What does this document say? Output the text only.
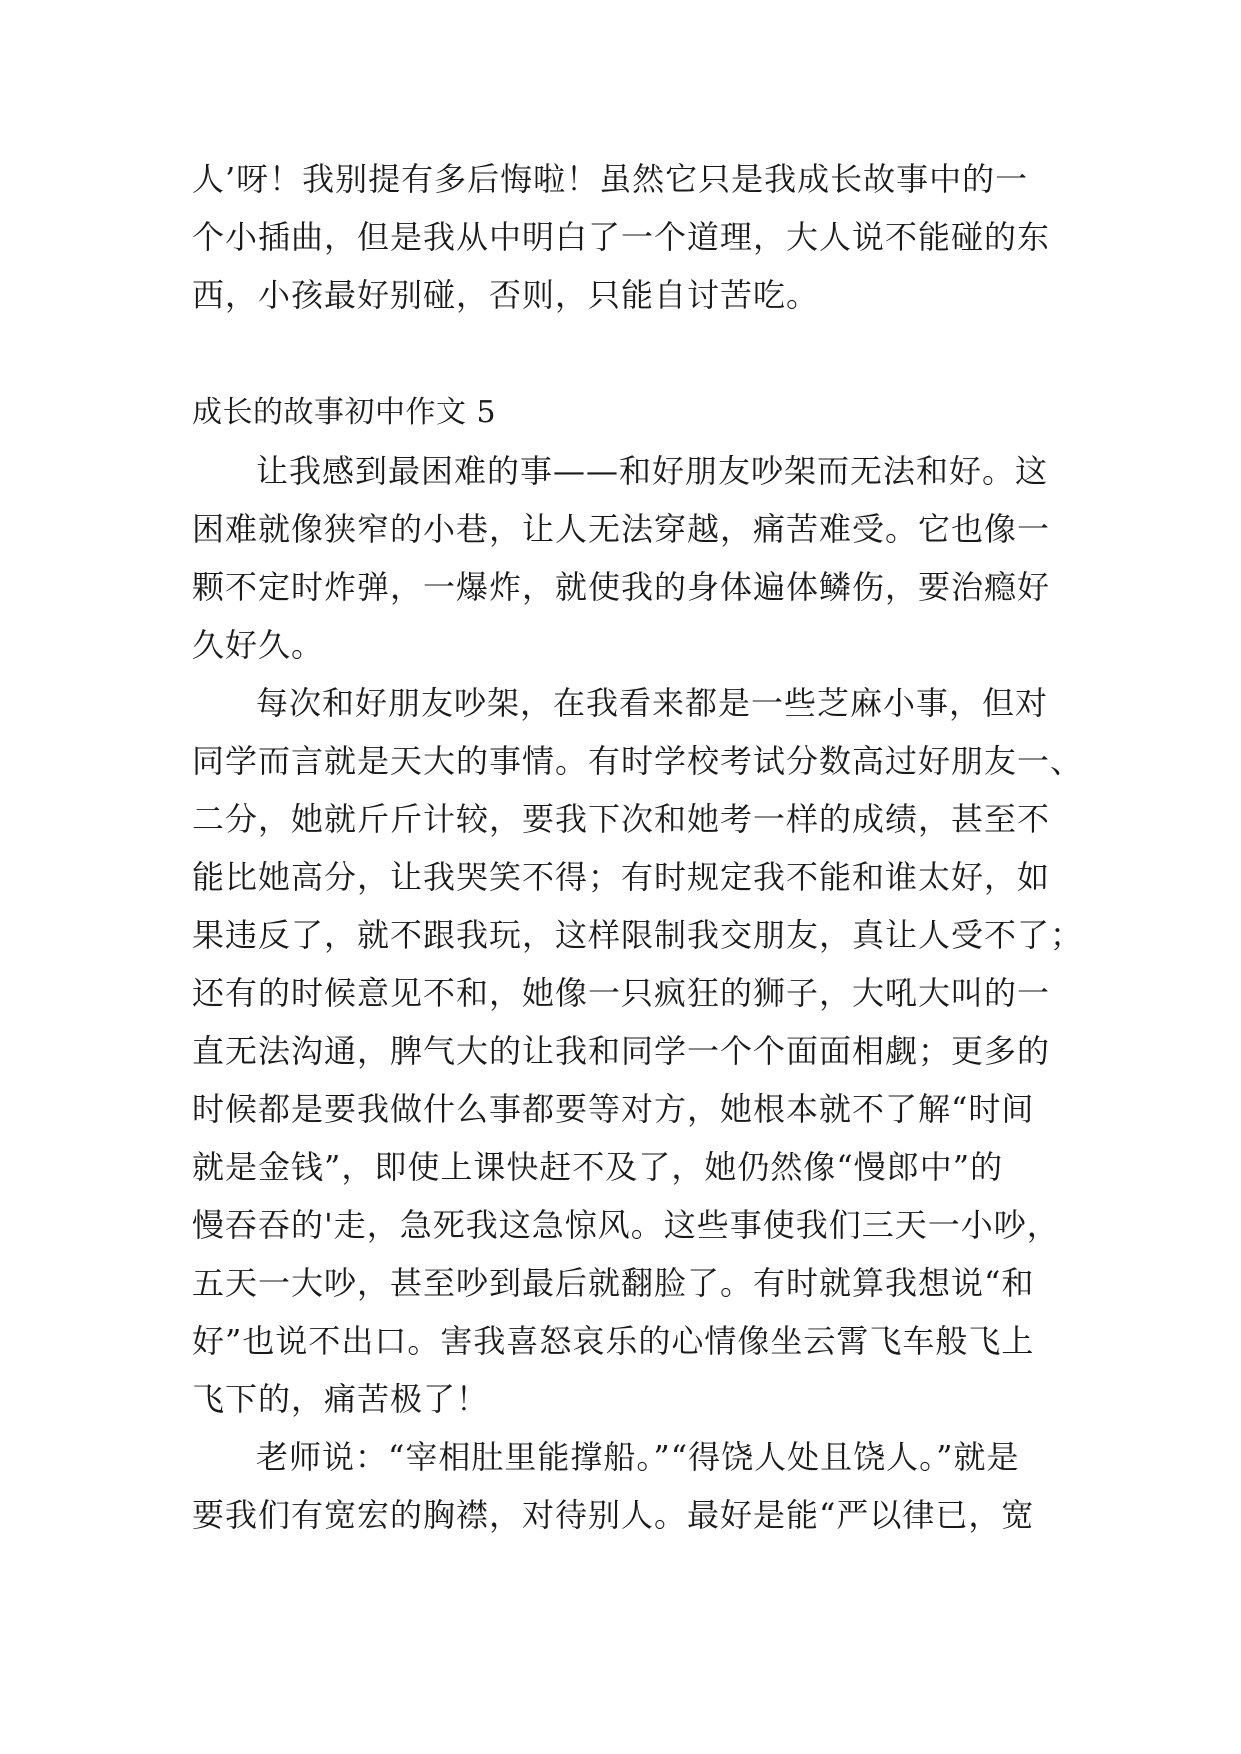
人’呀！我别提有多后悔啦！虽然它只是我成长故事中的一
个小插曲，但是我从中明白了一个道理，大人说不能碰的东
西，小孩最好别碰，否则，只能自讨苦吃。
成长的故事初中作文 5
让我感到最困难的事——和好朋友吵架而无法和好。这
困难就像狭窄的小巷，让人无法穿越，痛苦难受。它也像一
颗不定时炸弹，一爆炸，就使我的身体遍体鳞伤，要治瘾好
久好久。
每次和好朋友吵架，在我看来都是一些芝麻小事，但对
同学而言就是天大的事情。有时学校考试分数高过好朋友一、
二分，她就斤斤计较，要我下次和她考一样的成绩，甚至不
能比她高分，让我哭笑不得；有时规定我不能和谁太好，如
果违反了，就不跟我玩，这样限制我交朋友，真让人受不了；
还有的时候意见不和，她像一只疯狂的狮子，大吼大叫的一
直无法沟通，脾气大的让我和同学一个个面面相觑；更多的
时候都是要我做什么事都要等对方，她根本就不了解“时间
就是金钱”，即使上课快赶不及了，她仍然像“慢郎中”的
慢吞吞的'走，急死我这急惊风。这些事使我们三天一小吵，
五天一大吵，甚至吵到最后就翻脸了。有时就算我想说“和
好”也说不出口。害我喜怒哀乐的心情像坐云霄飞车般飞上
飞下的，痛苦极了！
老师说：“宰相肚里能撑船。”“得饶人处且饶人。”就是
要我们有宽宏的胸襟，对待别人。最好是能“严以律已，宽
